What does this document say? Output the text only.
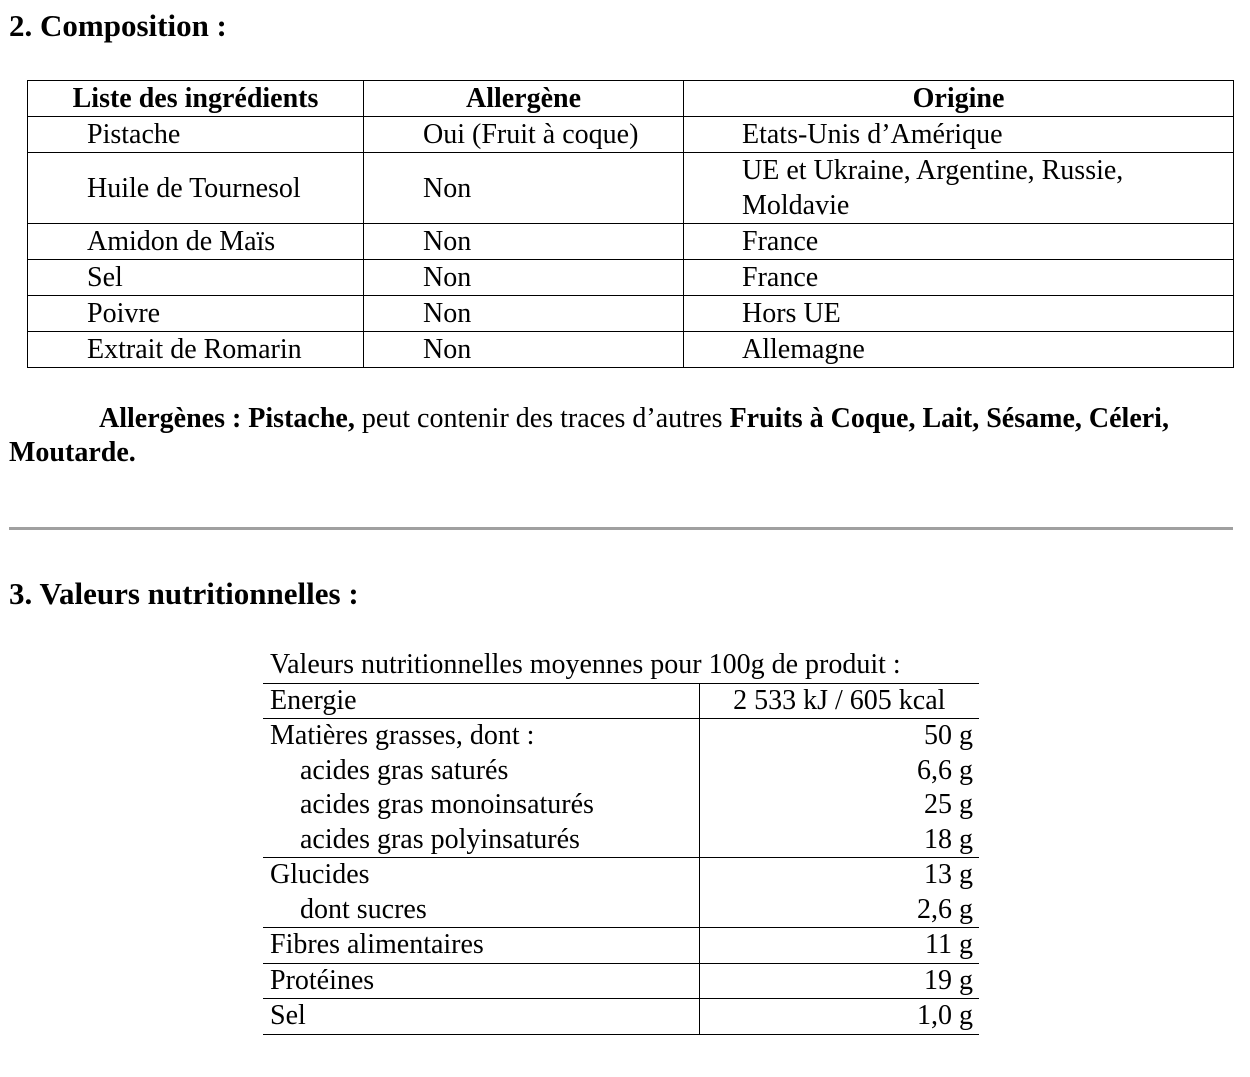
2. Composition :
Liste des ingrédients	Allergène	Origine
Pistache	Oui (Fruit à coque)	Etats-Unis d’Amérique
Huile de Tournesol	Non	UE et Ukraine, Argentine, Russie, Moldavie
Amidon de Maïs	Non	France
Sel	Non	France
Poivre	Non	Hors UE
Extrait de Romarin	Non	Allemagne

Allergènes : Pistache, peut contenir des traces d’autres Fruits à Coque, Lait, Sésame, Céleri, Moutarde.

3. Valeurs nutritionnelles :
Valeurs nutritionnelles moyennes pour 100g de produit :	
Energie	2 533 kJ / 605 kcal
Matières grasses, dont :	50 g
acides gras saturés	6,6 g
acides gras monoinsaturés	25 g
acides gras polyinsaturés	18 g
Glucides	13 g
dont sucres	2,6 g
Fibres alimentaires	11 g
Protéines	19 g
Sel	1,0 g
